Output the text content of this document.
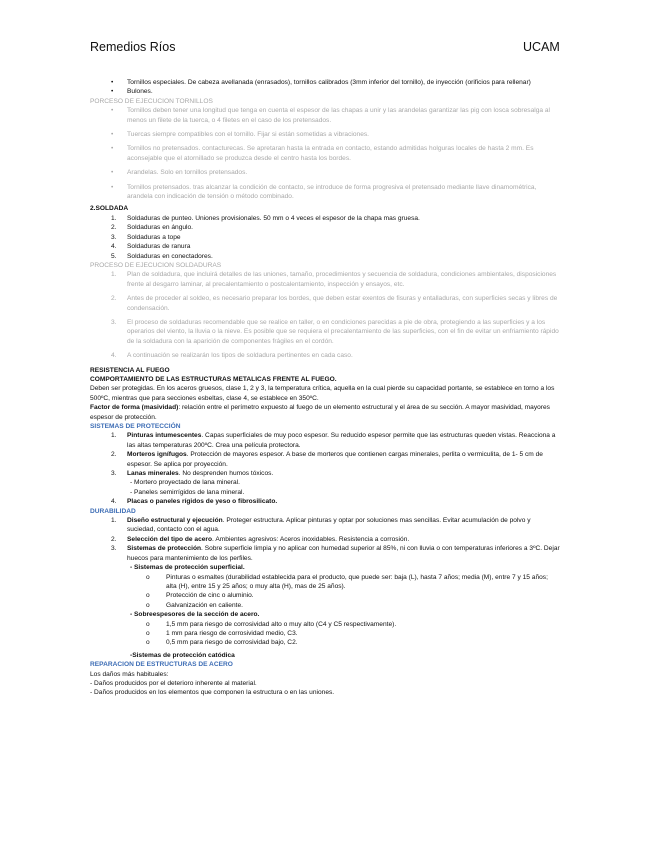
Remedios Ríos	UCAM
• Tornillos especiales. De cabeza avellanada (enrasados), tornillos calibrados (3mm inferior del tornillo), de inyección (orificios para rellenar)
• Bulones.
PORCESO DE EJECUCION TORNILLOS
• Tornillos deben tener una longitud que tenga en cuenta el espesor de las chapas a unir y las arandelas garantizar las pig con losca sobresalga al menos un filete de la tuerca, o 4 filetes en el caso de los pretensados.
• Tuercas siempre compatibles con el tornillo. Fijar si están sometidas a vibraciones.
• Tornillos no pretensados. contacturecas. Se apretaran hasta la entrada en contacto, estando admitidas holguras locales de hasta 2 mm. Es aconsejable que el atornillado se produzca desde el centro hasta los bordes.
• Arandelas. Solo en tornillos pretensados.
• Tornillos pretensados. tras alcanzar la condición de contacto, se introduce de forma progresiva el pretensado mediante llave dinamométrica, arandela con indicación de tensión o método combinado.
2.SOLDADA
1. Soldaduras de punteo. Uniones provisionales. 50 mm o 4 veces el espesor de la chapa mas gruesa.
2. Soldaduras en ángulo.
3. Soldaduras a tope
4. Soldaduras de ranura
5. Soldaduras en conectadores.
PROCESO DE EJECUCION SOLDADURAS
1. Plan de soldadura, que incluirá detalles de las uniones, tamaño, procedimientos y secuencia de soldadura, condiciones ambientales, disposiciones frente al desgarro laminar, al precalentamiento o postcalentamiento, inspección y ensayos, etc.
2. Antes de proceder al soldeo, es necesario preparar los bordes, que deben estar exentos de fisuras y entalladuras, con superficies secas y libres de condensación.
3. El proceso de soldaduras recomendable que se realice en taller, o en condiciones parecidas a pie de obra, protegiendo a las superficies y a los operarios del viento, la lluvia o la nieve. Es posible que se requiera el precalentamiento de las superficies, con el fin de evitar un enfriamiento rápido de la soldadura con la aparición de componentes frágiles en el cordón.
4. A continuación se realizarán los tipos de soldadura pertinentes en cada caso.
RESISTENCIA AL FUEGO
COMPORTAMIENTO DE LAS ESTRUCTURAS METALICAS FRENTE AL FUEGO.
Deben ser protegidas. En los aceros gruesos, clase 1, 2 y 3, la temperatura crítica, aquella en la cual pierde su capacidad portante, se establece en torno a los 500ºC, mientras que para secciones esbeltas, clase 4, se establece en 350ºC.
Factor de forma (masividad): relación entre el perímetro expuesto al fuego de un elemento estructural y el área de su sección. A mayor masividad, mayores espesor de protección.
SISTEMAS DE PROTECCIÓN
1. Pinturas intumescentes. Capas superficiales de muy poco espesor. Su reducido espesor permite que las estructuras queden vistas. Reacciona a las altas temperaturas 200ºC. Crea una película protectora.
2. Morteros ignífugos. Protección de mayores espesor. A base de morteros que contienen cargas minerales, perlita o vermiculita, de 1- 5 cm de espesor. Se aplica por proyección.
3. Lanas minerales. No desprenden humos tóxicos.
- Mortero proyectado de lana mineral.
- Paneles semirrígidos de lana mineral.
4. Placas o paneles rígidos de yeso o fibrosilicato.
DURABILIDAD
1. Diseño estructural y ejecución. Proteger estructura. Aplicar pinturas y optar por soluciones mas sencillas. Evitar acumulación de polvo y suciedad, contacto con el agua.
2. Selección del tipo de acero. Ambientes agresivos: Aceros inoxidables. Resistencia a corrosión.
3. Sistemas de protección. Sobre superficie limpia y no aplicar con humedad superior al 85%, ni con lluvia o con temperaturas inferiores a 3ºC. Dejar huecos para mantenimiento de los perfiles.
- Sistemas de protección superficial.
o Pinturas o esmaltes (durabilidad establecida para el producto, que puede ser: baja (L), hasta 7 años; media (M), entre 7 y 15 años; alta (H), entre 15 y 25 años; o muy alta (H), mas de 25 años).
o Protección de cinc o aluminio.
o Galvanización en caliente.
- Sobreespesores de la sección de acero.
o 1,5 mm para riesgo de corrosividad alto o muy alto (C4 y C5 respectivamente).
o 1 mm para riesgo de corrosividad medio, C3.
o 0,5 mm para riesgo de corrosividad bajo, C2.
-Sistemas de protección catódica
REPARACION DE ESTRUCTURAS DE ACERO
Los daños más habituales:
- Daños producidos por el deterioro inherente al material.
- Daños producidos en los elementos que componen la estructura o en las uniones.
